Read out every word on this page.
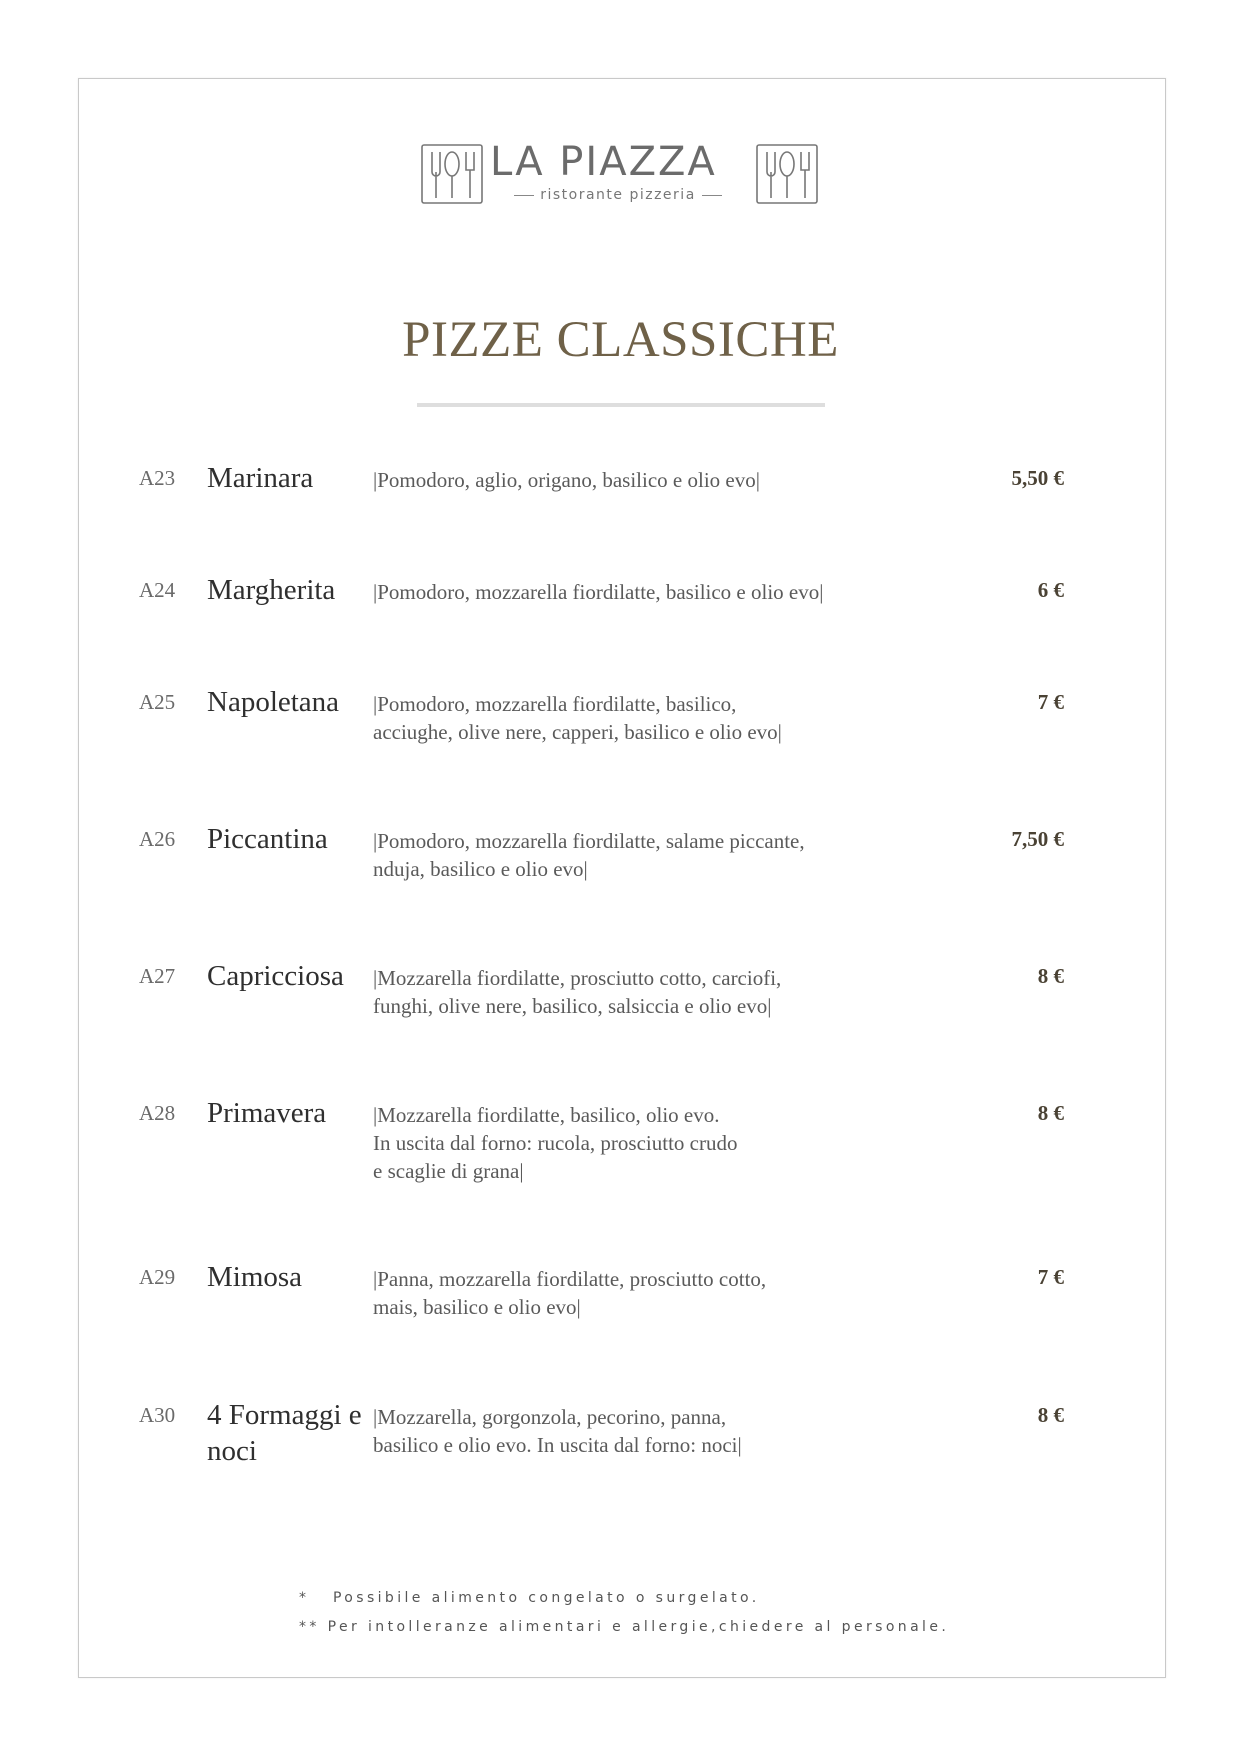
LA PIAZZA
ristorante pizzeria
PIZZE CLASSICHE
A23 Marinara	|Pomodoro, aglio, origano, basilico e olio evo|	5,50 €
A24 Margherita	|Pomodoro, mozzarella fiordilatte, basilico e olio evo|	6 €
A25 Napoletana	|Pomodoro, mozzarella fiordilatte, basilico,
acciughe, olive nere, capperi, basilico e olio evo|
7 €
A26 Piccantina	|Pomodoro, mozzarella fiordilatte, salame piccante,
nduja, basilico e olio evo|
7,50 €
A27 Capricciosa	|Mozzarella fiordilatte, prosciutto cotto, carciofi,
funghi, olive nere, basilico, salsiccia e olio evo|
8 €
A28 Primavera	|Mozzarella fiordilatte, basilico, olio evo.
In uscita dal forno: rucola, prosciutto crudo
e scaglie di grana|
8 €
A29 Mimosa	|Panna, mozzarella fiordilatte, prosciutto cotto,
mais, basilico e olio evo|
7 €
A30 4 Formaggi e noci
|Mozzarella, gorgonzola, pecorino, panna,
basilico e olio evo. In uscita dal forno: noci|
8 €
*   Possibile alimento congelato o surgelato.
** Per intolleranze alimentari e allergie,chiedere al personale.
